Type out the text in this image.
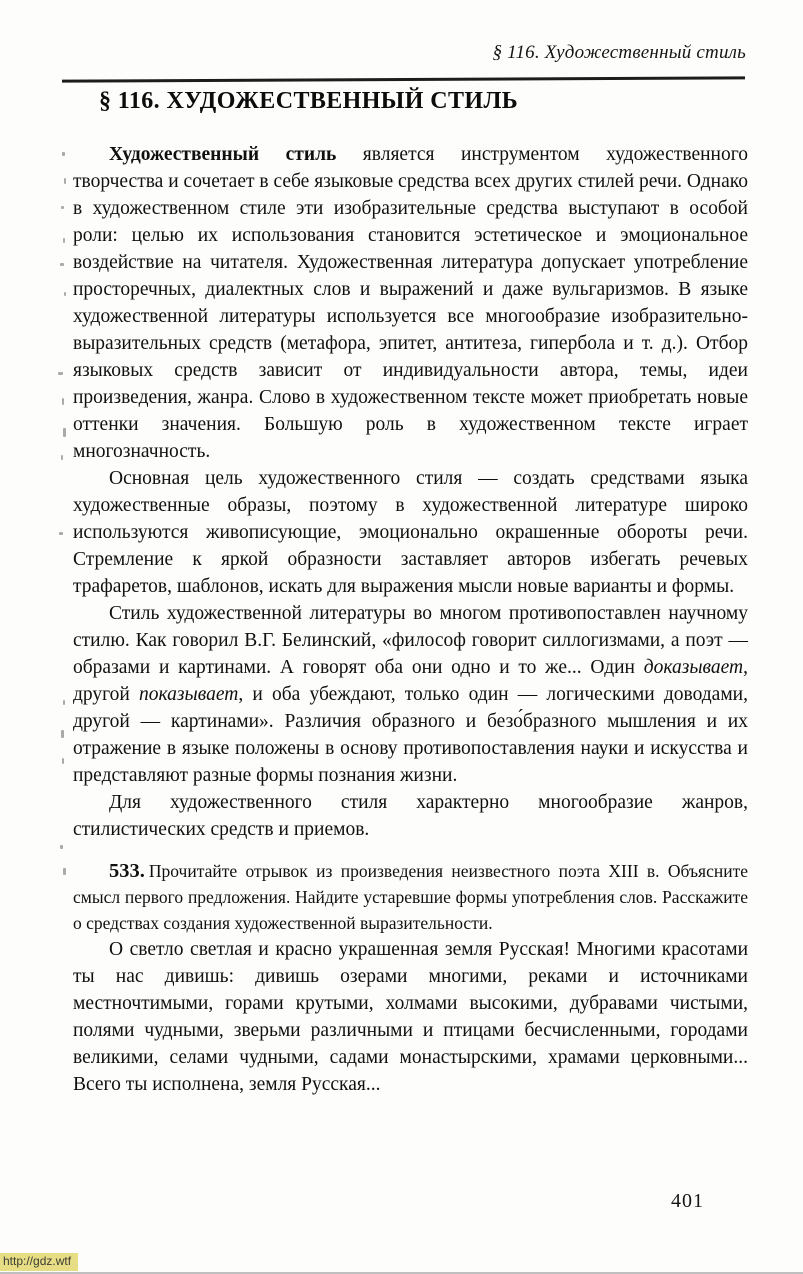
§ 116. Художественный стиль
§ 116. ХУДОЖЕСТВЕННЫЙ СТИЛЬ

Художественный стиль является инструментом художественного творчества и сочетает в себе языковые средства всех других стилей речи. Однако в художественном стиле эти изобразительные средства выступают в особой роли: целью их использования становится эстетическое и эмоциональное воздействие на читателя. Художественная литература допускает употребление просторечных, диалектных слов и выражений и даже вульгаризмов. В языке художественной литературы используется все многообразие изобразительно-выразительных средств (метафора, эпитет, антитеза, гипербола и т. д.). Отбор языковых средств зависит от индивидуальности автора, темы, идеи произведения, жанра. Слово в художественном тексте может приобретать новые оттенки значения. Большую роль в художественном тексте играет многозначность.

Основная цель художественного стиля — создать средствами языка художественные образы, поэтому в художественной литературе широко используются живописующие, эмоционально окрашенные обороты речи. Стремление к яркой образности заставляет авторов избегать речевых трафаретов, шаблонов, искать для выражения мысли новые варианты и формы.

Стиль художественной литературы во многом противопоставлен научному стилю. Как говорил В.Г. Белинский, «философ говорит силлогизмами, а поэт — образами и картинами. А говорят оба они одно и то же... Один доказывает, другой показывает, и оба убеждают, только один — логическими доводами, другой — картинами». Различия образного и безо́бразного мышления и их отражение в языке положены в основу противопоставления науки и искусства и представляют разные формы познания жизни.

Для художественного стиля характерно многообразие жанров, стилистических средств и приемов.

533. Прочитайте отрывок из произведения неизвестного поэта XIII в. Объясните смысл первого предложения. Найдите устаревшие формы употребления слов. Расскажите о средствах создания художественной выразительности.

О светло светлая и красно украшенная земля Русская! Многими красотами ты нас дивишь: дивишь озерами многими, реками и источниками местночтимыми, горами крутыми, холмами высокими, дубравами чистыми, полями чудными, зверьми различными и птицами бесчисленными, городами великими, селами чудными, садами монастырскими, храмами церковными... Всего ты исполнена, земля Русская...

401
http://gdz.wtf
